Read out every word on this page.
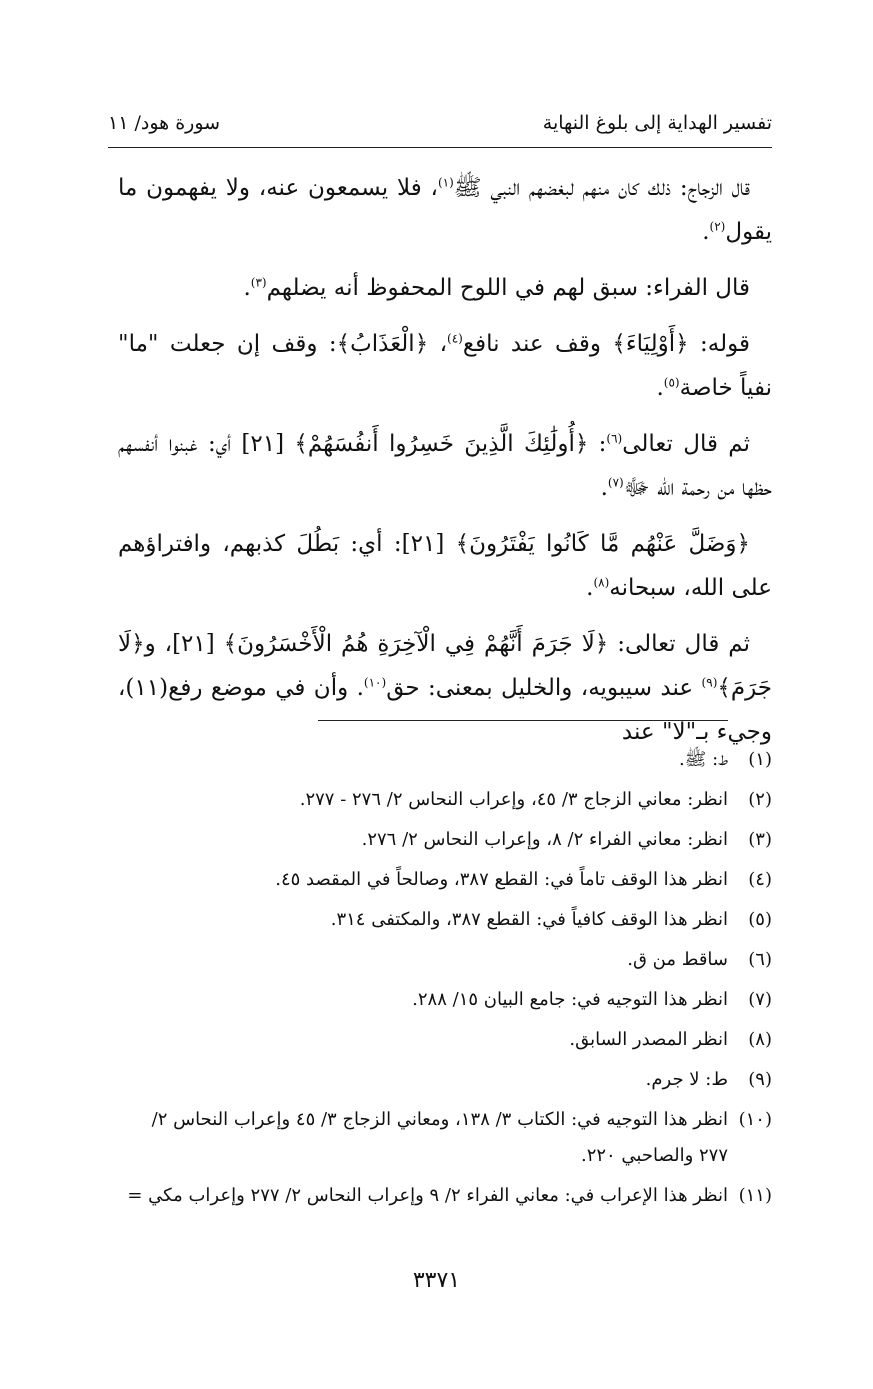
تفسير الهداية إلى بلوغ النهاية
سورة هود/ ١١

قال الزجاج: ذلك كان منهم لبغضهم النبي ﷺ$^{(١)}$، فلا يسمعون عنه، ولا يفهمون ما يقول$^{(٢)}$.

قال الفراء: سبق لهم في اللوح المحفوظ أنه يضلهم$^{(٣)}$.

قوله: ﴿أَوْلِيَاءَ﴾ وقف عند نافع$^{(٤)}$، ﴿الْعَذَابُ﴾: وقف إن جعلت "ما" نفياً خاصة$^{(٥)}$.

ثم قال تعالى$^{(٦)}$: ﴿أُولَٰئِكَ الَّذِينَ خَسِرُوا أَنفُسَهُمْ﴾ [٢١] أي: غبنوا أنفسهم حظها من رحمة الله ﷻ$^{(٧)}$.

﴿وَضَلَّ عَنْهُم مَّا كَانُوا يَفْتَرُونَ﴾ [٢١]: أي: بَطُلَ كذبهم، وافتراؤهم على الله، سبحانه$^{(٨)}$.

ثم قال تعالى: ﴿لَا جَرَمَ أَنَّهُمْ فِي الْآخِرَةِ هُمُ الْأَخْسَرُونَ﴾ [٢١]، و﴿لَا جَرَمَ﴾$^{(٩)}$ عند سيبويه، والخليل بمعنى: حق$^{(١٠)}$. وأن في موضع رفع(١١)، وجيء بـ"لا" عند

(١)
ط: ﷺ.
(٢)
انظر: معاني الزجاج ٣/ ٤٥، وإعراب النحاس ٢/ ٢٧٦ - ٢٧٧.
(٣)
انظر: معاني الفراء ٢/ ٨، وإعراب النحاس ٢/ ٢٧٦.
(٤)
انظر هذا الوقف تاماً في: القطع ٣٨٧، وصالحاً في المقصد ٤٥.
(٥)
انظر هذا الوقف كافياً في: القطع ٣٨٧، والمكتفى ٣١٤.
(٦)
ساقط من ق.
(٧)
انظر هذا التوجيه في: جامع البيان ١٥/ ٢٨٨.
(٨)
انظر المصدر السابق.
(٩)
ط: لا جرم.
(١٠)
انظر هذا التوجيه في: الكتاب ٣/ ١٣٨، ومعاني الزجاج ٣/ ٤٥ وإعراب النحاس ٢/ ٢٧٧ والصاحبي ٢٢٠.
(١١)
انظر هذا الإعراب في: معاني الفراء ٢/ ٩ وإعراب النحاس ٢/ ٢٧٧ وإعراب مكي =
٣٣٧١
